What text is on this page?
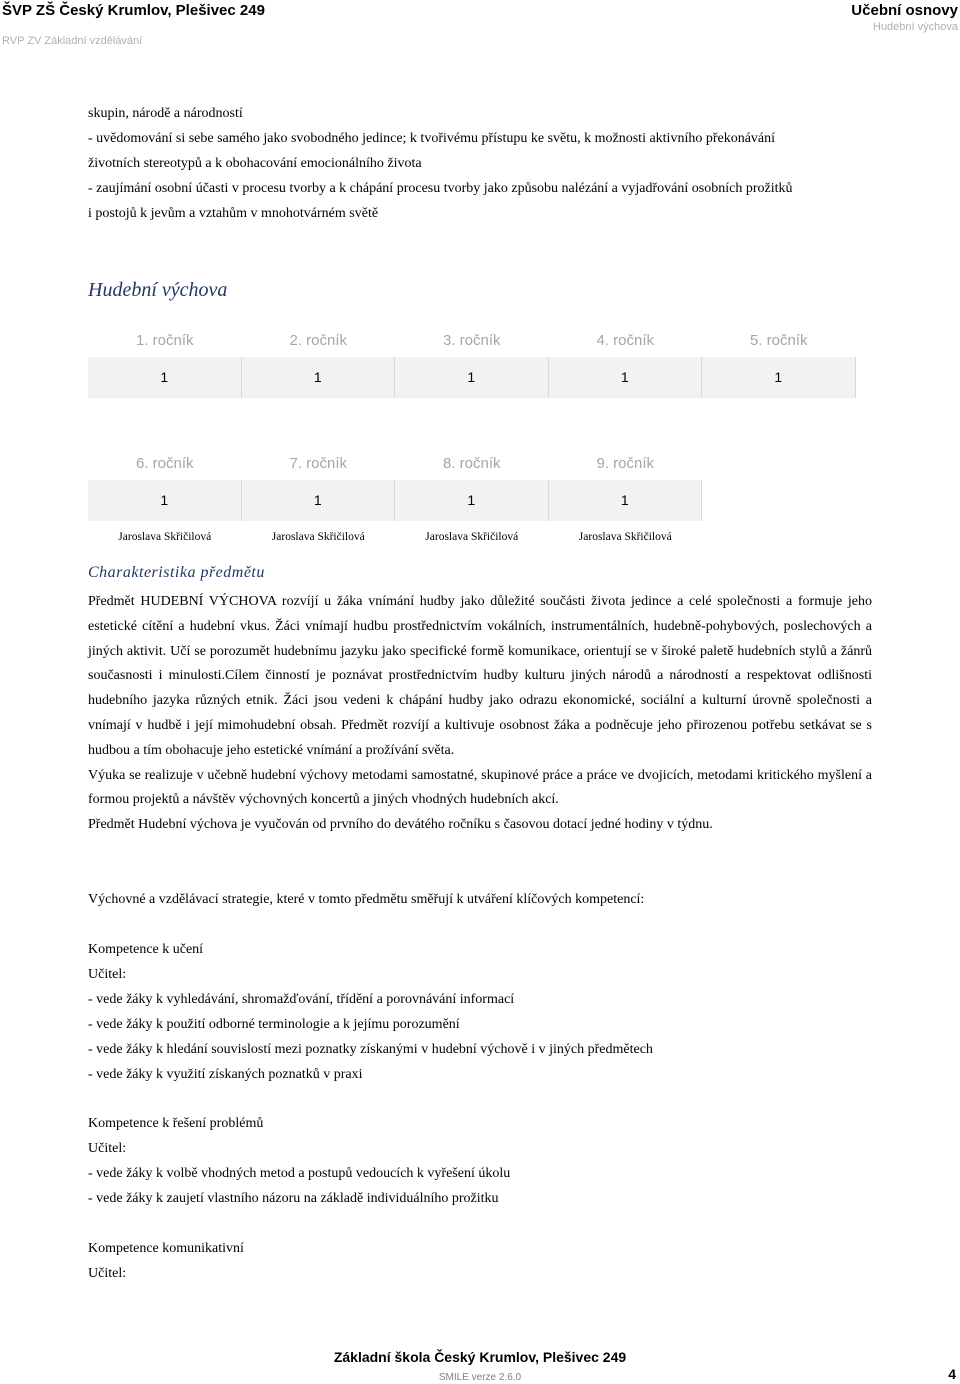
ŠVP ZŠ Český Krumlov, Plešivec 249
RVP ZV Základní vzdělávání
Učební osnovy
Hudební výchova
skupin, národě a národností
- uvědomování si sebe samého jako svobodného jedince; k tvořivému přístupu ke světu, k možnosti aktivního překonávání
životních stereotypů a k obohacování emocionálního života
- zaujímání osobní účasti v procesu tvorby a k chápání procesu tvorby jako způsobu nalézání a vyjadřování osobních prožitků
i postojů k jevům a vztahům v mnohotvárném světě
Hudební výchova
1. ročník	2. ročník	3. ročník	4. ročník	5. ročník
1	1	1	1	1
6. ročník	7. ročník	8. ročník	9. ročník
1	1	1	1
Jaroslava Skřičilová	Jaroslava Skřičilová	Jaroslava Skřičilová	Jaroslava Skřičilová
Charakteristika předmětu

Předmět HUDEBNÍ VÝCHOVA rozvíjí u žáka vnímání hudby jako důležité součásti života jedince a celé společnosti a formuje jeho estetické cítění a hudební vkus. Žáci vnímají hudbu prostřednictvím vokálních, instrumentálních, hudebně-pohybových, poslechových a jiných aktivit. Učí se porozumět hudebnímu jazyku jako specifické formě komunikace, orientují se v široké paletě hudebních stylů a žánrů současnosti i minulosti.Cílem činností je poznávat prostřednictvím hudby kulturu jiných národů a národností a respektovat odlišnosti hudebního jazyka různých etnik. Žáci jsou vedeni k chápání hudby jako odrazu ekonomické, sociální a kulturní úrovně společnosti a vnímají v hudbě i její mimohudební obsah. Předmět rozvíjí a kultivuje osobnost žáka a podněcuje jeho přirozenou potřebu setkávat se s hudbou a tím obohacuje jeho estetické vnímání a prožívání světa.

Výuka se realizuje v učebně hudební výchovy metodami samostatné, skupinové práce a práce ve dvojicích, metodami kritického myšlení a formou projektů a návštěv výchovných koncertů a jiných vhodných hudebních akcí.

Předmět Hudební výchova je vyučován od prvního do devátého ročníku s časovou dotací jedné hodiny v týdnu.

Výchovné a vzdělávací strategie, které v tomto předmětu směřují k utváření klíčových kompetencí:
Kompetence k učení
Učitel:
- vede žáky k vyhledávání, shromažďování, třídění a porovnávání informací
- vede žáky k použití odborné terminologie a k jejímu porozumění
- vede žáky k hledání souvislostí mezi poznatky získanými v hudební výchově i v jiných předmětech
- vede žáky k využití získaných poznatků v praxi
Kompetence k řešení problémů
Učitel:
- vede žáky k volbě vhodných metod a postupů vedoucích k vyřešení úkolu
- vede žáky k zaujetí vlastního názoru na základě individuálního prožitku
Kompetence komunikativní
Učitel:
Základní škola Český Krumlov, Plešivec 249
SMILE verze 2.6.0	4
